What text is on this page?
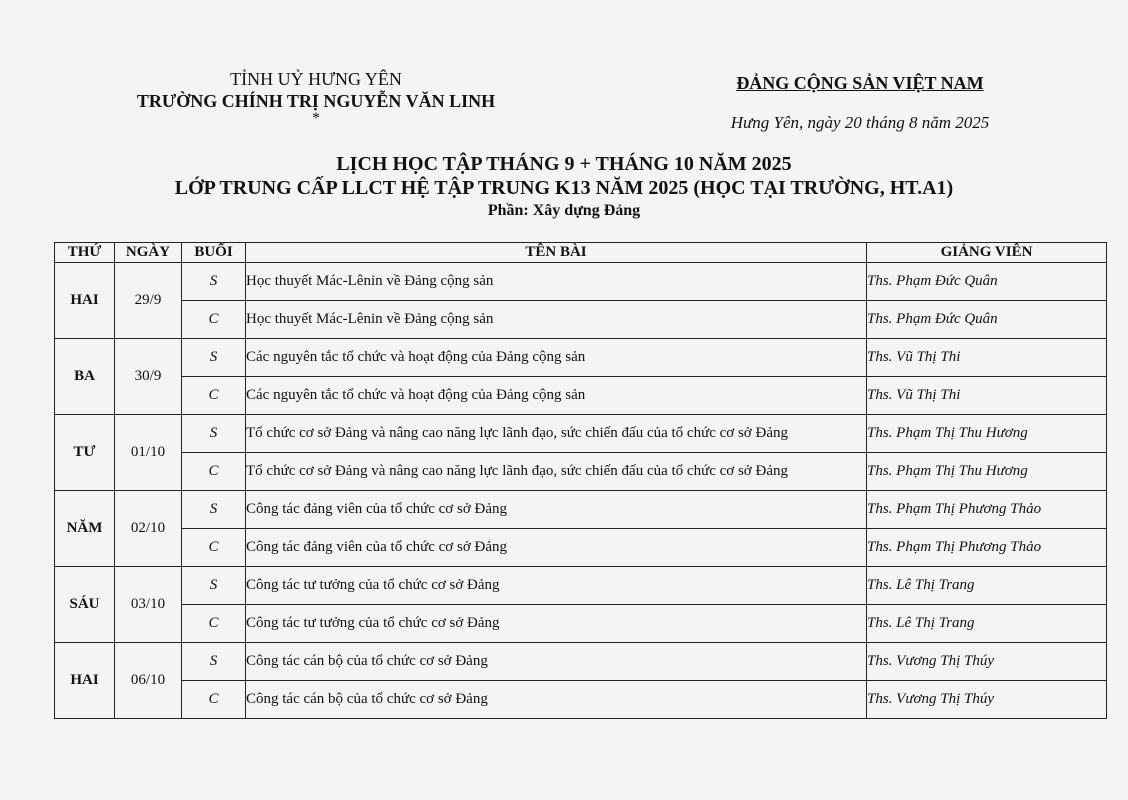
TỈNH UỶ HƯNG YÊN
TRƯỜNG CHÍNH TRỊ NGUYỄN VĂN LINH
*
ĐẢNG CỘNG SẢN VIỆT NAM
Hưng Yên, ngày 20 tháng 8 năm 2025
LỊCH HỌC TẬP THÁNG 9 + THÁNG 10 NĂM 2025
LỚP TRUNG CẤP LLCT HỆ TẬP TRUNG K13 NĂM 2025 (HỌC TẠI TRƯỜNG, HT.A1)
Phần: Xây dựng Đảng
THỨ	NGÀY	BUỔI	TÊN BÀI	GIẢNG VIÊN
HAI	29/9	S	Học thuyết Mác-Lênin về Đảng cộng sản	Ths. Phạm Đức Quân
		C	Học thuyết Mác-Lênin về Đảng cộng sản	Ths. Phạm Đức Quân
BA	30/9	S	Các nguyên tắc tổ chức và hoạt động của Đảng cộng sản	Ths. Vũ Thị Thi
		C	Các nguyên tắc tổ chức và hoạt động của Đảng cộng sản	Ths. Vũ Thị Thi
TƯ	01/10	S	Tổ chức cơ sở Đảng và nâng cao năng lực lãnh đạo, sức chiến đấu của tổ chức cơ sở Đảng	Ths. Phạm Thị Thu Hương
		C	Tổ chức cơ sở Đảng và nâng cao năng lực lãnh đạo, sức chiến đấu của tổ chức cơ sở Đảng	Ths. Phạm Thị Thu Hương
NĂM	02/10	S	Công tác đảng viên của tổ chức cơ sở Đảng	Ths. Phạm Thị Phương Thảo
		C	Công tác đảng viên của tổ chức cơ sở Đảng	Ths. Phạm Thị Phương Thảo
SÁU	03/10	S	Công tác tư tưởng của tổ chức cơ sở Đảng	Ths. Lê Thị Trang
		C	Công tác tư tưởng của tổ chức cơ sở Đảng	Ths. Lê Thị Trang
HAI	06/10	S	Công tác cán bộ của tổ chức cơ sở Đảng	Ths. Vương Thị Thúy
		C	Công tác cán bộ của tổ chức cơ sở Đảng	Ths. Vương Thị Thúy
